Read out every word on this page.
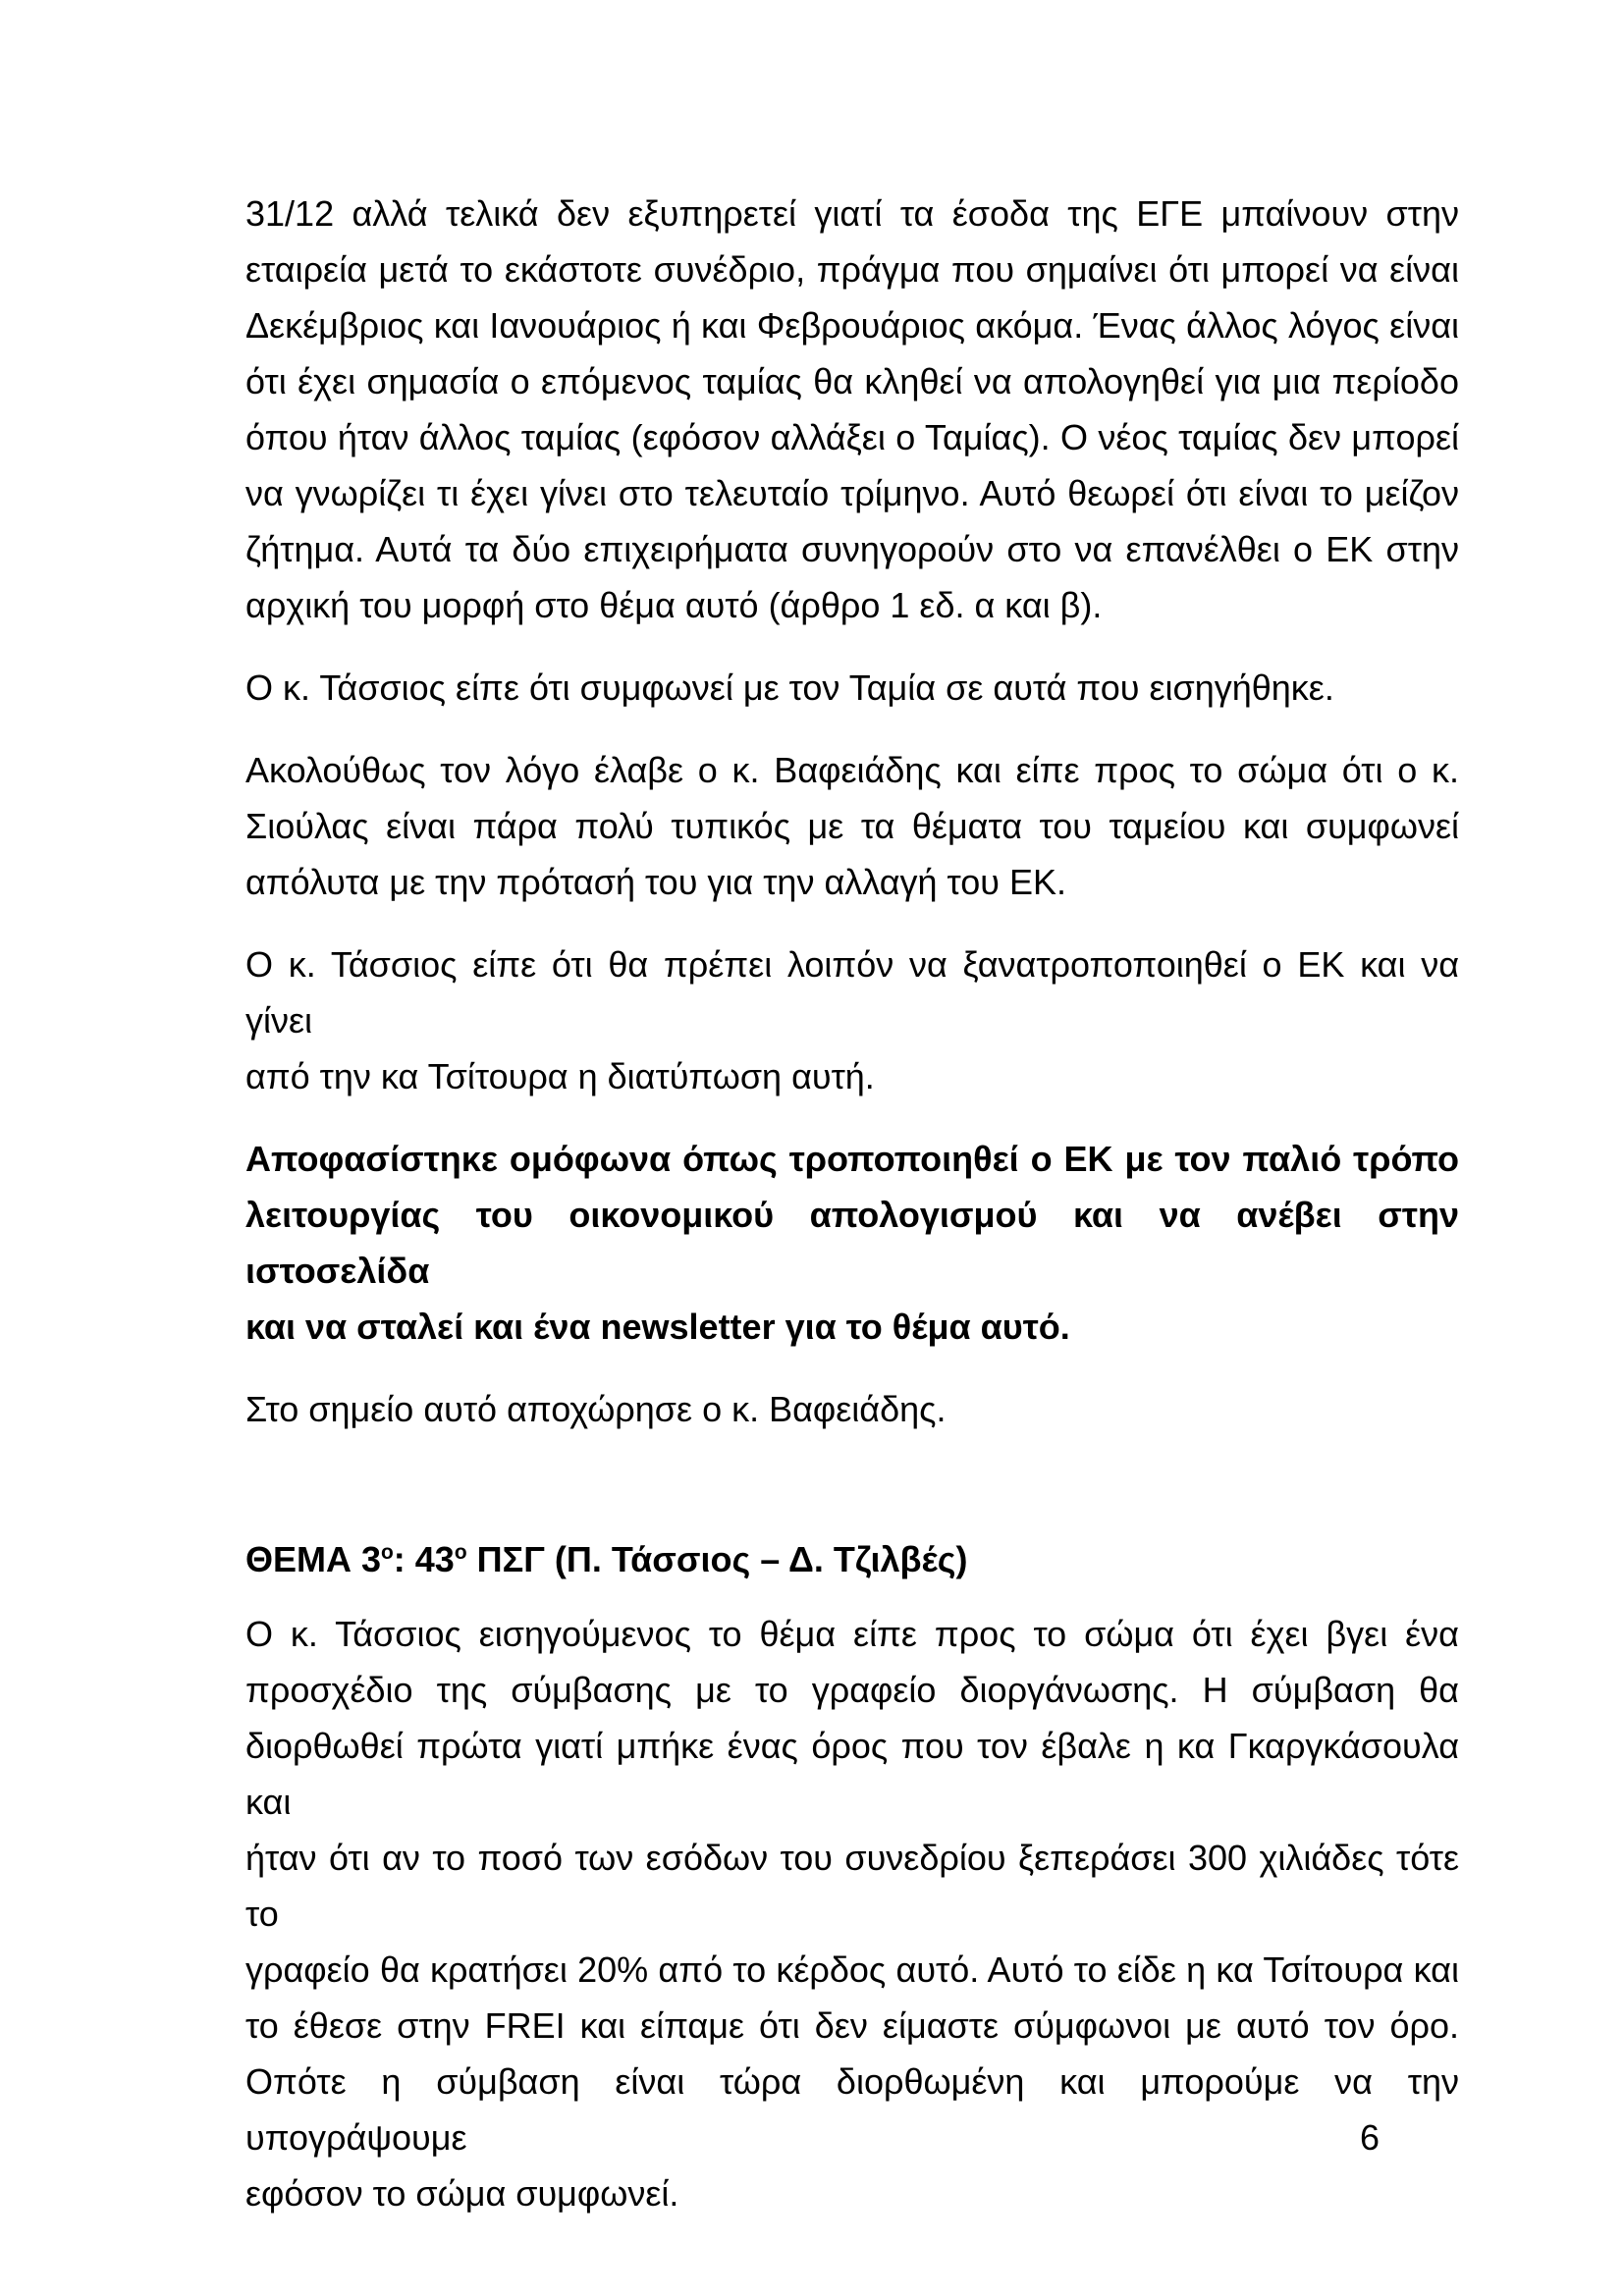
31/12 αλλά τελικά δεν εξυπηρετεί γιατί τα έσοδα της ΕΓΕ μπαίνουν στην
εταιρεία μετά το εκάστοτε συνέδριο, πράγμα που σημαίνει ότι μπορεί να είναι
Δεκέμβριος και Ιανουάριος ή και Φεβρουάριος ακόμα. Ένας άλλος λόγος είναι
ότι έχει σημασία ο επόμενος ταμίας θα κληθεί να απολογηθεί για μια περίοδο
όπου ήταν άλλος ταμίας (εφόσον αλλάξει ο Ταμίας). Ο νέος ταμίας δεν μπορεί
να γνωρίζει τι έχει γίνει στο τελευταίο τρίμηνο. Αυτό θεωρεί ότι είναι το μείζον
ζήτημα. Αυτά τα δύο επιχειρήματα συνηγορούν στο να επανέλθει ο ΕΚ στην
αρχική του μορφή στο θέμα αυτό (άρθρο 1 εδ. α και β).
Ο κ. Τάσσιος είπε ότι συμφωνεί με τον Ταμία σε αυτά που εισηγήθηκε.
Ακολούθως τον λόγο έλαβε ο κ. Βαφειάδης και είπε προς το σώμα ότι ο κ.
Σιούλας είναι πάρα πολύ τυπικός με τα θέματα του ταμείου και συμφωνεί
απόλυτα με την πρότασή του για την αλλαγή του ΕΚ.
Ο κ. Τάσσιος είπε ότι θα πρέπει λοιπόν να ξανατροποποιηθεί ο ΕΚ και να γίνει
από την κα Τσίτουρα η διατύπωση αυτή.
Αποφασίστηκε ομόφωνα όπως τροποποιηθεί ο ΕΚ με τον παλιό τρόπο
λειτουργίας του οικονομικού απολογισμού και να ανέβει στην ιστοσελίδα
και να σταλεί και ένα newsletter για το θέμα αυτό.
Στο σημείο αυτό αποχώρησε ο κ. Βαφειάδης.
ΘΕΜΑ $3^o$: $43^o$ ΠΣΓ (Π. Τάσσιος – Δ. Τζιλβές)
Ο κ. Τάσσιος εισηγούμενος το θέμα είπε προς το σώμα ότι έχει βγει ένα
προσχέδιο της σύμβασης με το γραφείο διοργάνωσης. Η σύμβαση θα
διορθωθεί πρώτα γιατί μπήκε ένας όρος που τον έβαλε η κα Γκαργκάσουλα και
ήταν ότι αν το ποσό των εσόδων του συνεδρίου ξεπεράσει 300 χιλιάδες τότε το
γραφείο θα κρατήσει 20% από το κέρδος αυτό. Αυτό το είδε η κα Τσίτουρα και
το έθεσε στην FREI και είπαμε ότι δεν είμαστε σύμφωνοι με αυτό τον όρο.
Οπότε η σύμβαση είναι τώρα διορθωμένη και μπορούμε να την υπογράψουμε
εφόσον το σώμα συμφωνεί.
6
